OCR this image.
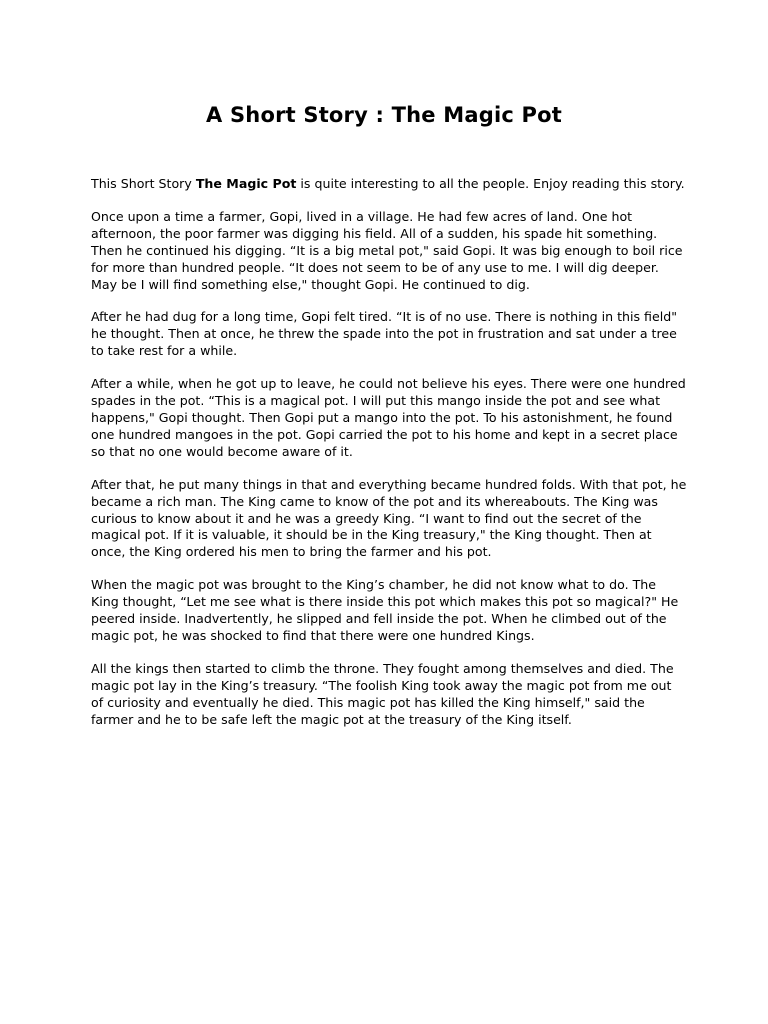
A Short Story : The Magic Pot

This Short Story The Magic Pot is quite interesting to all the people. Enjoy reading this story.

Once upon a time a farmer, Gopi, lived in a village. He had few acres of land. One hot afternoon, the poor farmer was digging his field. All of a sudden, his spade hit something. Then he continued his digging. “It is a big metal pot," said Gopi. It was big enough to boil rice for more than hundred people. “It does not seem to be of any use to me. I will dig deeper. May be I will find something else," thought Gopi. He continued to dig.

After he had dug for a long time, Gopi felt tired. “It is of no use. There is nothing in this field" he thought. Then at once, he threw the spade into the pot in frustration and sat under a tree to take rest for a while.

After a while, when he got up to leave, he could not believe his eyes. There were one hundred spades in the pot. “This is a magical pot. I will put this mango inside the pot and see what happens," Gopi thought. Then Gopi put a mango into the pot. To his astonishment, he found one hundred mangoes in the pot. Gopi carried the pot to his home and kept in a secret place so that no one would become aware of it.

After that, he put many things in that and everything became hundred folds. With that pot, he became a rich man. The King came to know of the pot and its whereabouts. The King was curious to know about it and he was a greedy King. “I want to find out the secret of the magical pot. If it is valuable, it should be in the King treasury," the King thought. Then at once, the King ordered his men to bring the farmer and his pot.

When the magic pot was brought to the King’s chamber, he did not know what to do. The King thought, “Let me see what is there inside this pot which makes this pot so magical?" He peered inside. Inadvertently, he slipped and fell inside the pot. When he climbed out of the magic pot, he was shocked to find that there were one hundred Kings.

All the kings then started to climb the throne. They fought among themselves and died. The magic pot lay in the King’s treasury. “The foolish King took away the magic pot from me out of curiosity and eventually he died. This magic pot has killed the King himself," said the farmer and he to be safe left the magic pot at the treasury of the King itself.
